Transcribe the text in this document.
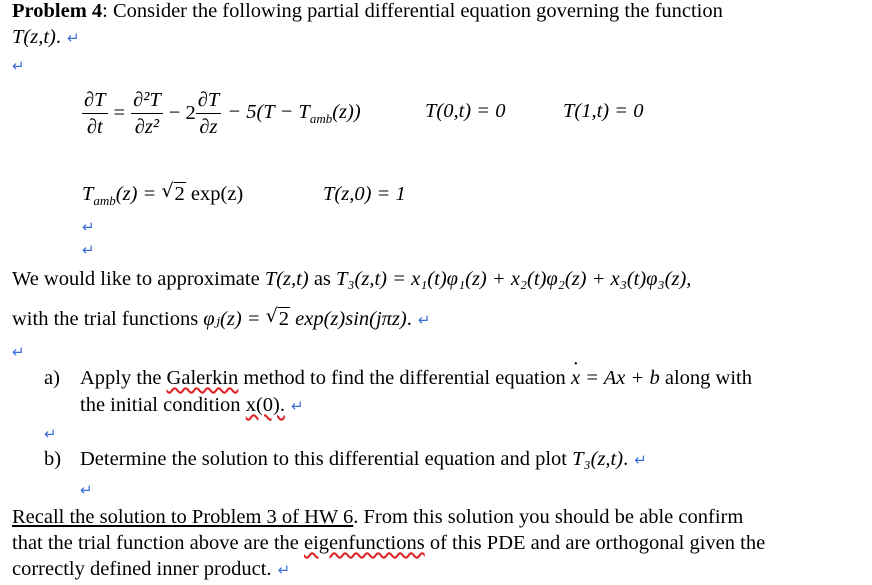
Problem 4: Consider the following partial differential equation governing the function
T(z,t). ↵
↵
$\frac{\partial T}{\partial t} = \frac{\text{∂²T}}{\text{∂z²}} - 2 \frac{\partial T}{\partial z} - 5(T - T_{amb}(z))$	T(0,t) = 0	T(1,t) = 0
$T_{amb}(z)$ = √ 2 exp(z)	T(z,0) = 1
↵
↵
We would like to approximate T(z,t) as T₃(z,t) = x₁(t)φ₁(z) + x₂(t)φ₂(z) + x₃(t)φ₃(z),
with the trial functions φⱼ(z) = √ 2 exp(z)sin(jπz). ↵
↵
a) Apply the Galerkin method to find the differential equation x = Ax + b · along with
the initial condition x(0). ↵
↵
b) Determine the solution to this differential equation and plot T₃(z,t). ↵
↵
Recall the solution to Problem 3 of HW 6. From this solution you should be able confirm
that the trial function above are the eigenfunctions of this PDE and are orthogonal given the
correctly defined inner product. ↵
